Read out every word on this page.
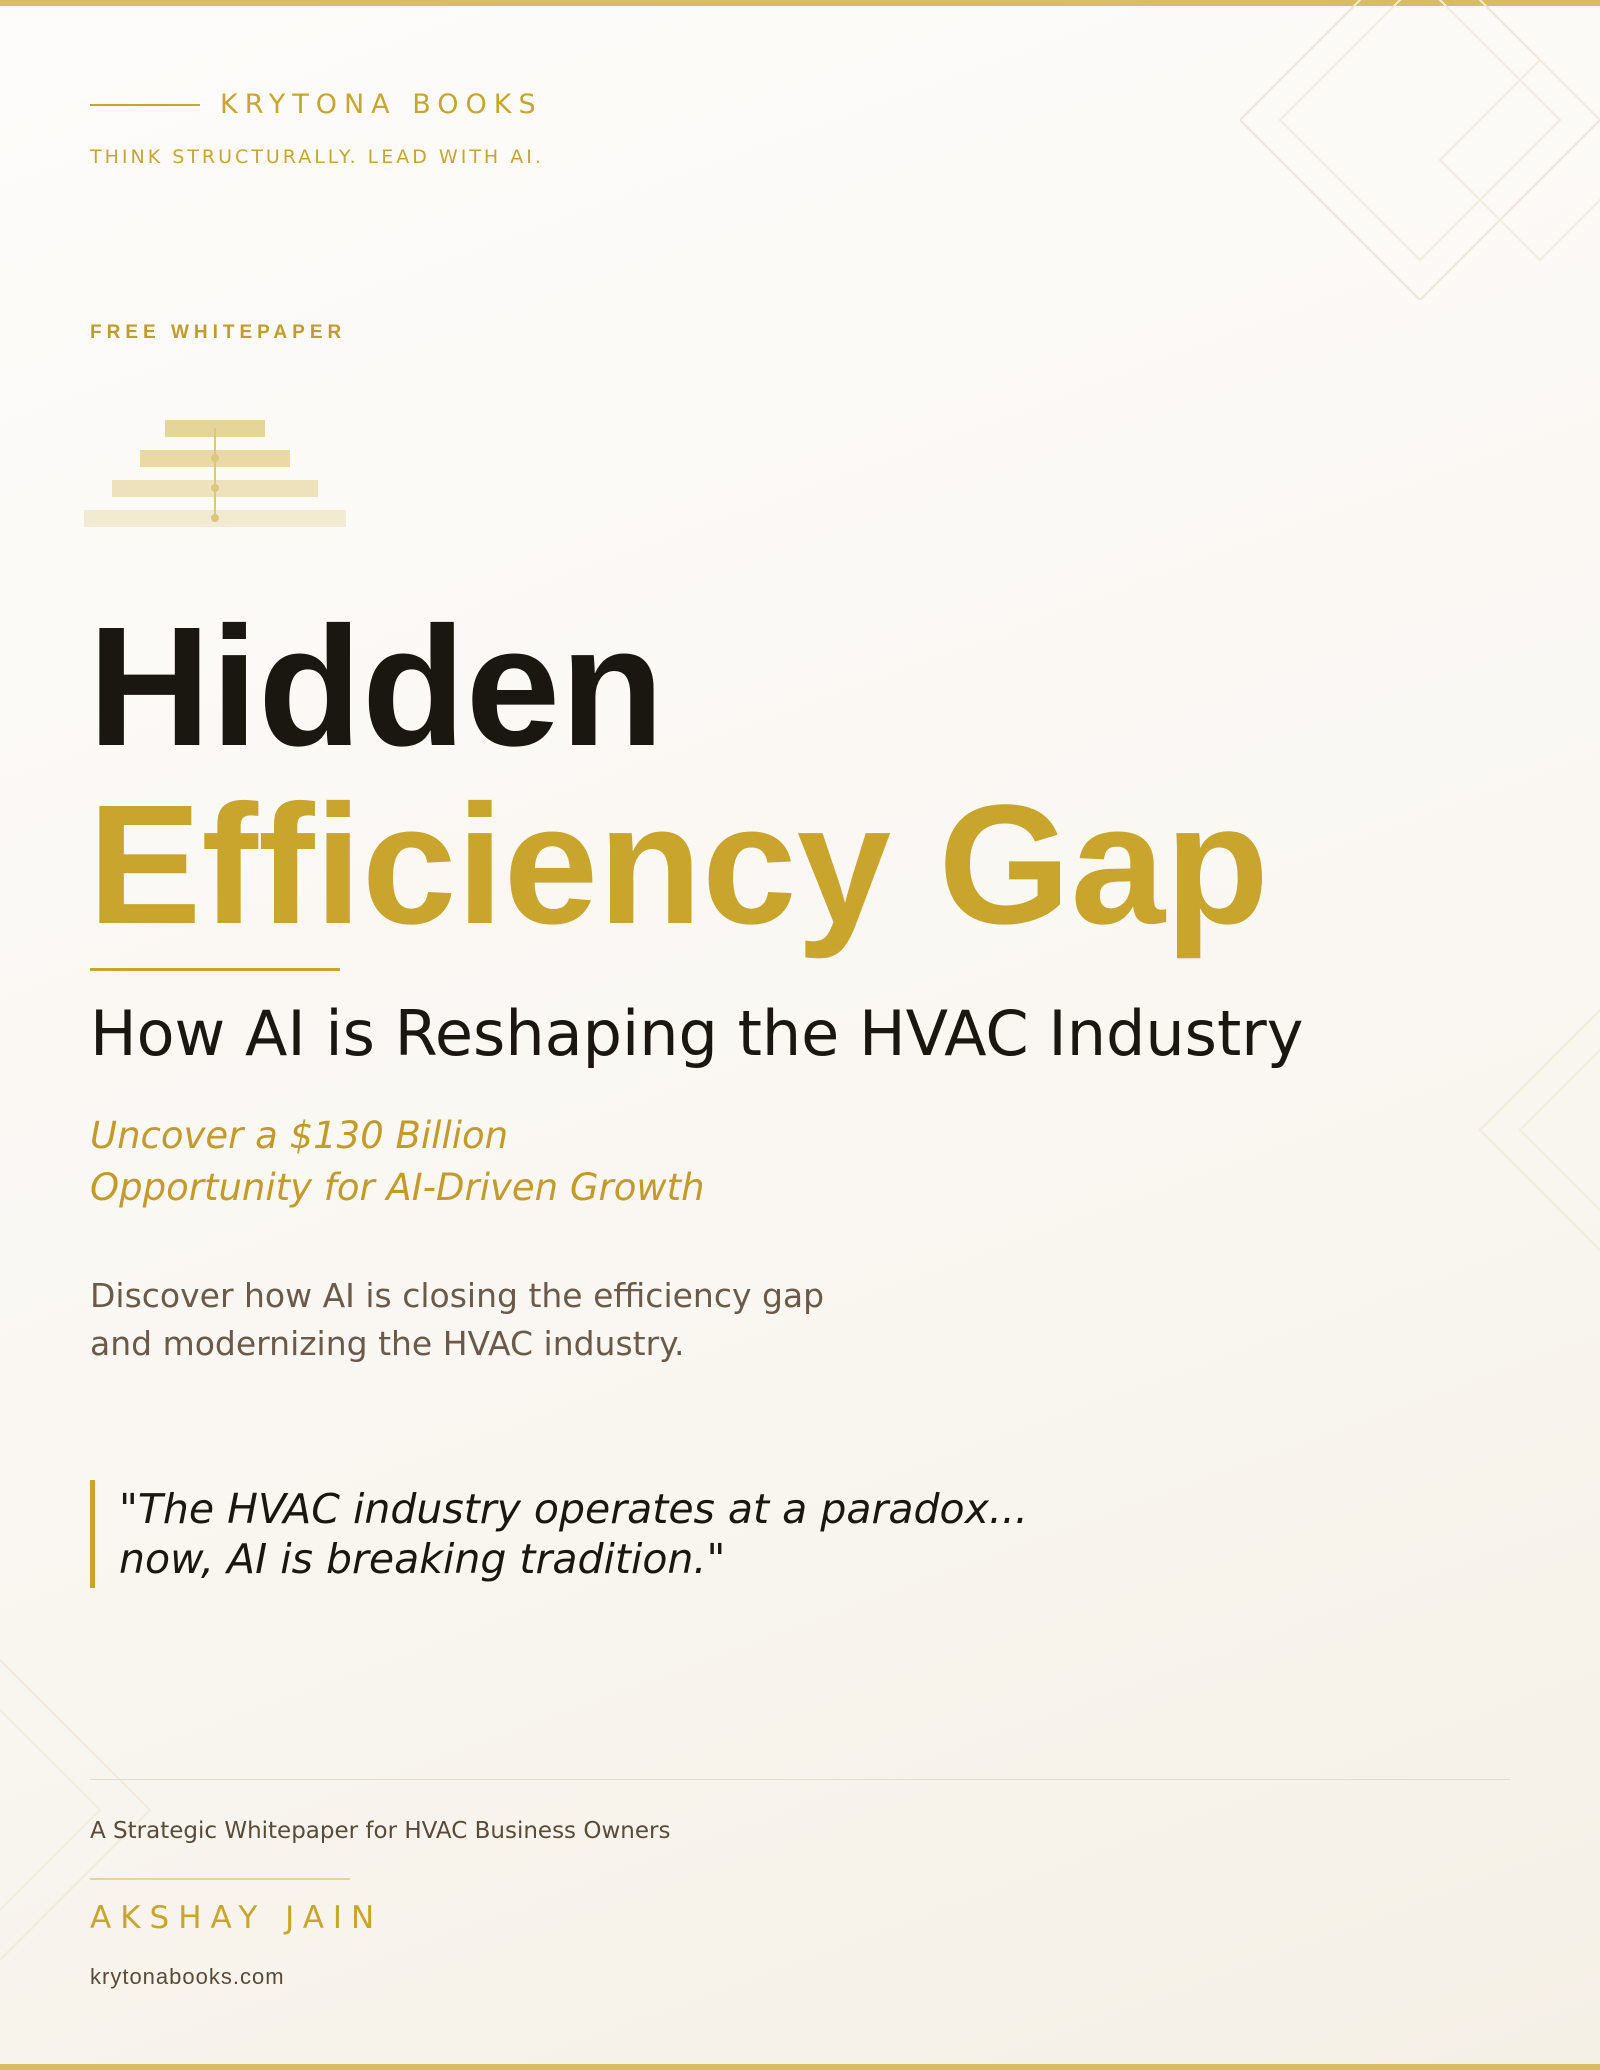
KRYTONA BOOKS
THINK STRUCTURALLY. LEAD WITH AI.
FREE WHITEPAPER
Hidden
Efficiency Gap
How AI is Reshaping the HVAC Industry
Uncover a $130 Billion
Opportunity for AI-Driven Growth
Discover how AI is closing the efficiency gap
and modernizing the HVAC industry.
"The HVAC industry operates at a paradox...
now, AI is breaking tradition."
A Strategic Whitepaper for HVAC Business Owners
AKSHAY JAIN
krytonabooks.com
